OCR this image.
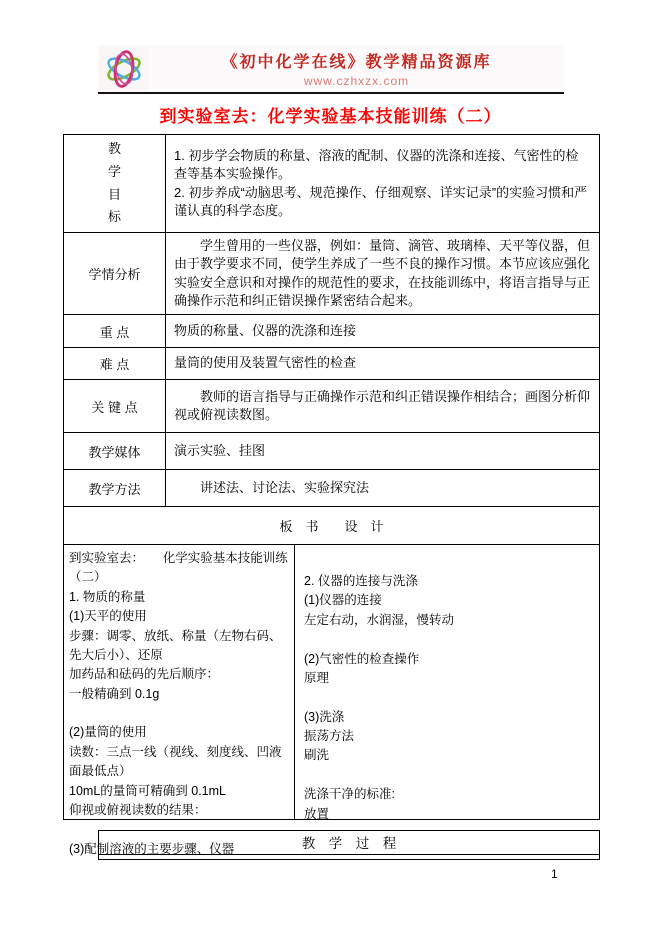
《初中化学在线》教学精品资源库
www.czhxzx.com
到实验室去：化学实验基本技能训练（二）
教学目标	1. 初步学会物质的称量、溶液的配制、仪器的洗涤和连接、气密性的检查等基本实验操作。
2. 初步养成“动脑思考、规范操作、仔细观察、详实记录”的实验习惯和严谨认真的科学态度。
学情分析	学生曾用的一些仪器，例如：量筒、滴管、玻璃棒、天平等仪器，但由于教学要求不同，使学生养成了一些不良的操作习惯。本节应该应强化实验安全意识和对操作的规范性的要求，在技能训练中，将语言指导与正确操作示范和纠正错误操作紧密结合起来。
重 点	物质的称量、仪器的洗涤和连接
难 点	量筒的使用及装置气密性的检查
关 键 点	教师的语言指导与正确操作示范和纠正错误操作相结合；画图分析仰视或俯视读数图。
教学媒体	演示实验、挂图
教学方法	讲述法、讨论法、实验探究法
板　书　　设　计	

到实验室去：　　化学实验基本技能训练（二）
1. 物质的称量
(1)天平的使用
步骤：调零、放纸、称量（左物右码、先大后小）、还原
加药品和砝码的先后顺序：
一般精确到 0.1g

(2)量筒的使用
读数：三点一线（视线、刻度线、凹液面最低点）
10mL的量筒可精确到 0.1mL
仰视或俯视读数的结果：

(3)配制溶液的主要步骤、仪器
2. 仪器的连接与洗涤
(1)仪器的连接
左定右动，水润湿，慢转动

(2)气密性的检查操作
原理

(3)洗涤
振荡方法
刷洗

洗涤干净的标准:
放置
教　学　过　程
1
